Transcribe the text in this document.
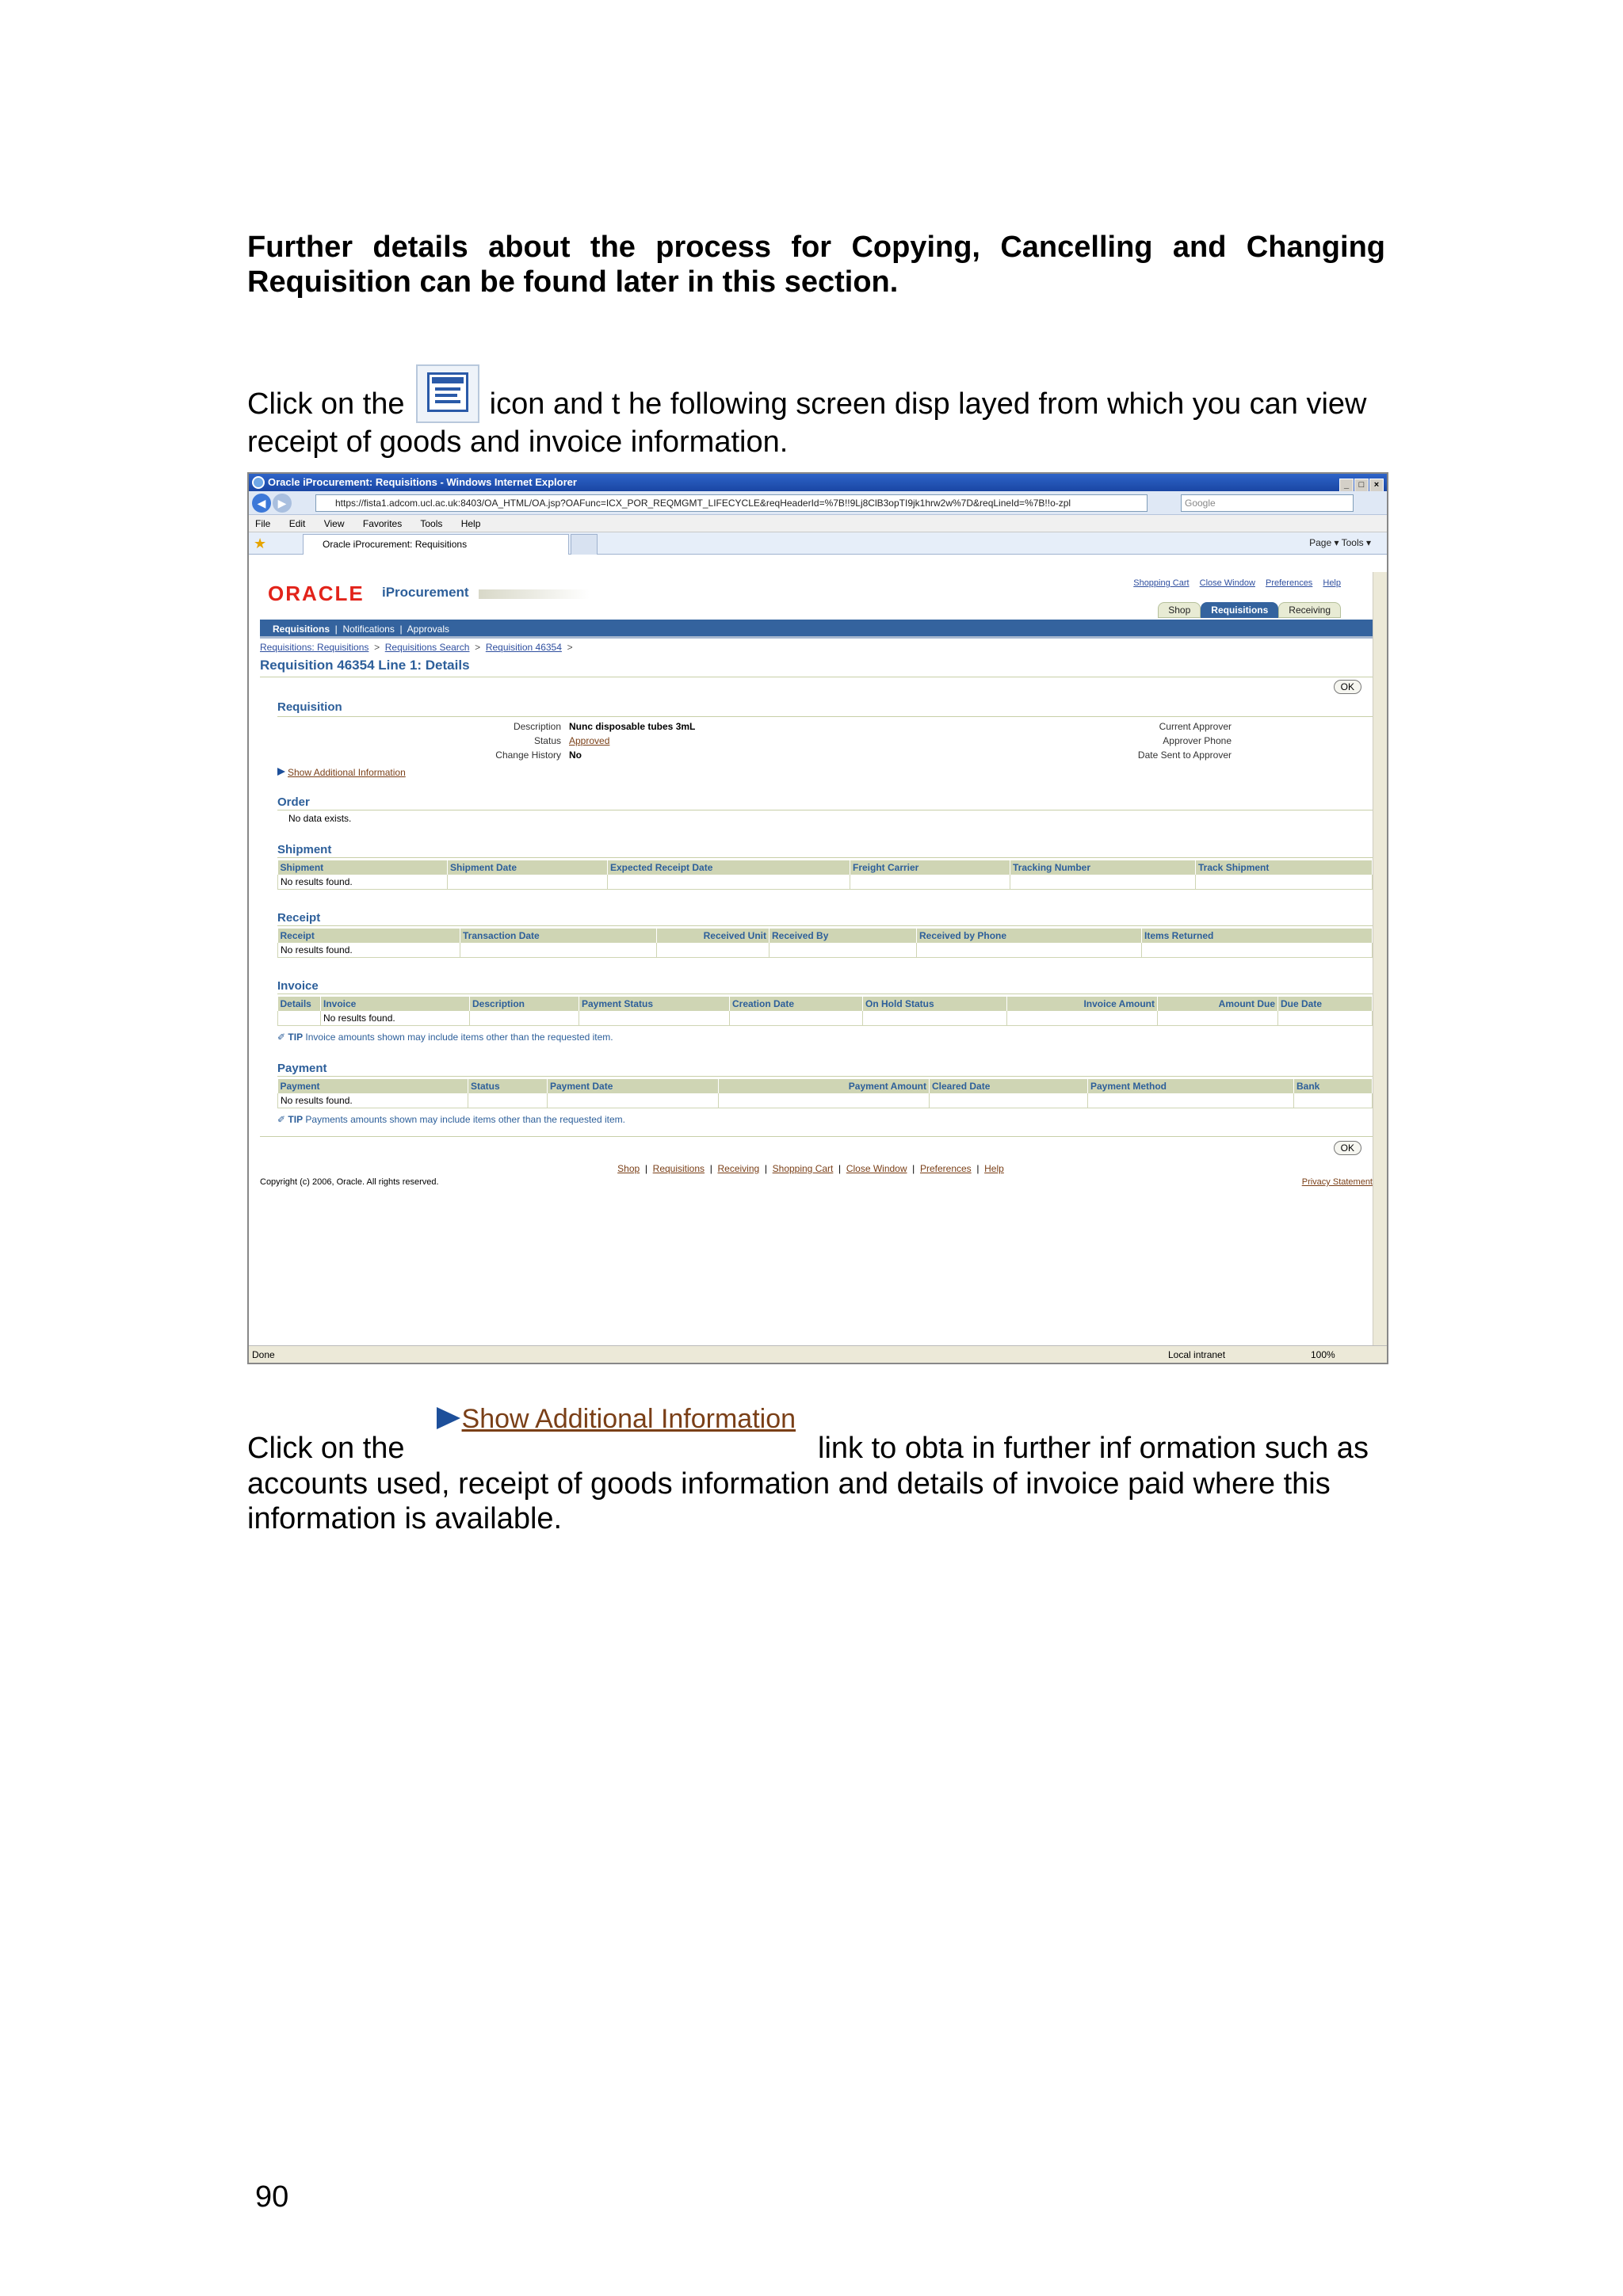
Further details about the process for Copying, Cancelling and Changing Requisition can be found later in this section.
Click on the	icon and t he following screen disp layed from which you can view receipt of goods and invoice information.
Oracle iProcurement: Requisitions - Windows Internet Explorer	_ □ ×
◀	▶	https://fista1.adcom.ucl.ac.uk:8403/OA_HTML/OA.jsp?OAFunc=ICX_POR_REQMGMT_LIFECYCLE&reqHeaderId=%7B!!9Lj8ClB3opTI9jk1hrw2w%7D&reqLineId=%7B!!o-zpl	Google
File Edit View Favorites Tools Help
★	Oracle iProcurement: Requisitions	Page ▾ Tools ▾
ORACLE iProcurement
Shopping Cart Close Window Preferences Help
Shop Requisitions Receiving
Requisitions  |  Notifications  |  Approvals
Requisitions: Requisitions  >  Requisitions Search  >  Requisition 46354  >
Requisition 46354 Line 1: Details
OK
Requisition
Description Nunc disposable tubes 3mL
Status Approved
Change History No
Current Approver
Approver Phone
Date Sent to Approver
Show Additional Information
Order
No data exists.
Shipment
Shipment	Shipment Date	Expected Receipt Date	Freight Carrier	Tracking Number	Track Shipment
No results found.					
Receipt
Receipt	Transaction Date	Received Unit	Received By	Received by Phone	Items Returned
No results found.					
Invoice
Details	Invoice	Description	Payment Status	Creation Date	On Hold Status	Invoice Amount	Amount Due	Due Date
	No results found.							
✐ TIP Invoice amounts shown may include items other than the requested item.
Payment
Payment	Status	Payment Date	Payment Amount	Cleared Date	Payment Method	Bank
No results found.						
✐ TIP Payments amounts shown may include items other than the requested item.
OK
Shop  |  Requisitions  |  Receiving  |  Shopping Cart  |  Close Window  |  Preferences  |  Help
Copyright (c) 2006, Oracle. All rights reserved.	Privacy Statement
Done	Local intranet	100%
Click on theShow Additional Informationlink to obta in further inf ormation such as accounts used, receipt of goods information and details of invoice paid where this information is available.
90
